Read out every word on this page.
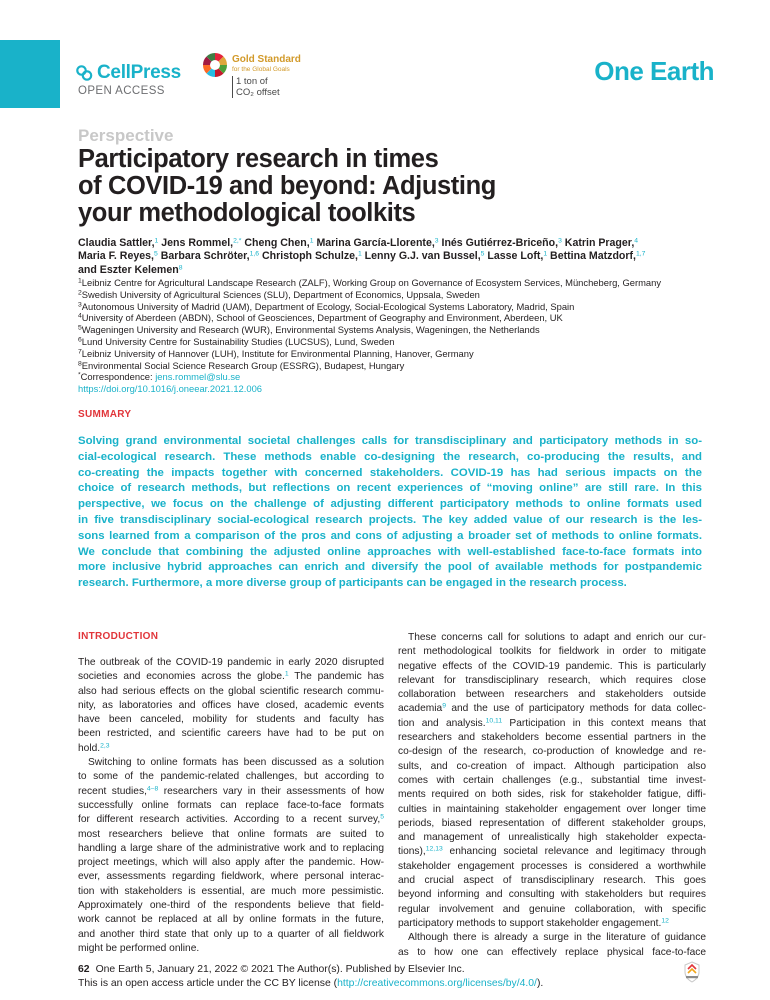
CellPress
OPEN ACCESS
Gold Standard
for the Global Goals
1 ton of
CO₂ offset
One Earth
Perspective
Participatory research in times
of COVID-19 and beyond: Adjusting
your methodological toolkits
Claudia Sattler,$^1$ Jens Rommel,$^{2,*}$ Cheng Chen,$^1$ Marina García-Llorente,$^3$ Inés Gutiérrez-Briceño,$^3$ Katrin Prager,$^4$
Maria F. Reyes,$^5$ Barbara Schröter,$^{1,6}$ Christoph Schulze,$^1$ Lenny G.J. van Bussel,$^5$ Lasse Loft,$^1$ Bettina Matzdorf,$^{1,7}$
and Eszter Kelemen$^8$
$^1$Leibniz Centre for Agricultural Landscape Research (ZALF), Working Group on Governance of Ecosystem Services, Müncheberg, Germany
$^2$Swedish University of Agricultural Sciences (SLU), Department of Economics, Uppsala, Sweden
$^3$Autonomous University of Madrid (UAM), Department of Ecology, Social-Ecological Systems Laboratory, Madrid, Spain
$^4$University of Aberdeen (ABDN), School of Geosciences, Department of Geography and Environment, Aberdeen, UK
$^5$Wageningen University and Research (WUR), Environmental Systems Analysis, Wageningen, the Netherlands
$^6$Lund University Centre for Sustainability Studies (LUCSUS), Lund, Sweden
$^7$Leibniz University of Hannover (LUH), Institute for Environmental Planning, Hanover, Germany
$^8$Environmental Social Science Research Group (ESSRG), Budapest, Hungary
*Correspondence: jens.rommel@slu.se
https://doi.org/10.1016/j.oneear.2021.12.006
SUMMARY
Solving grand environmental societal challenges calls for transdisciplinary and participatory methods in so-
cial-ecological research. These methods enable co-designing the research, co-producing the results, and
co-creating the impacts together with concerned stakeholders. COVID-19 has had serious impacts on the
choice of research methods, but reflections on recent experiences of “moving online” are still rare. In this
perspective, we focus on the challenge of adjusting different participatory methods to online formats used
in five transdisciplinary social-ecological research projects. The key added value of our research is the les-
sons learned from a comparison of the pros and cons of adjusting a broader set of methods to online formats.
We conclude that combining the adjusted online approaches with well-established face-to-face formats into
more inclusive hybrid approaches can enrich and diversify the pool of available methods for postpandemic
research. Furthermore, a more diverse group of participants can be engaged in the research process.
INTRODUCTION
The outbreak of the COVID-19 pandemic in early 2020 disrupted
societies and economies across the globe.$^1$ The pandemic has
also had serious effects on the global scientific research commu-
nity, as laboratories and offices have closed, academic events
have been canceled, mobility for students and faculty has
been restricted, and scientific careers have had to be put on
hold.$^{2,3}$
Switching to online formats has been discussed as a solution
to some of the pandemic-related challenges, but according to
recent studies,$^{4-8}$ researchers vary in their assessments of how
successfully online formats can replace face-to-face formats
for different research activities. According to a recent survey,$^5$
most researchers believe that online formats are suited to
handling a large share of the administrative work and to replacing
project meetings, which will also apply after the pandemic. How-
ever, assessments regarding fieldwork, where personal interac-
tion with stakeholders is essential, are much more pessimistic.
Approximately one-third of the respondents believe that field-
work cannot be replaced at all by online formats in the future,
and another third state that only up to a quarter of all fieldwork
might be performed online.
These concerns call for solutions to adapt and enrich our cur-
rent methodological toolkits for fieldwork in order to mitigate
negative effects of the COVID-19 pandemic. This is particularly
relevant for transdisciplinary research, which requires close
collaboration between researchers and stakeholders outside
academia$^9$ and the use of participatory methods for data collec-
tion and analysis.$^{10,11}$ Participation in this context means that
researchers and stakeholders become essential partners in the
co-design of the research, co-production of knowledge and re-
sults, and co-creation of impact. Although participation also
comes with certain challenges (e.g., substantial time invest-
ments required on both sides, risk for stakeholder fatigue, diffi-
culties in maintaining stakeholder engagement over longer time
periods, biased representation of different stakeholder groups,
and management of unrealistically high stakeholder expecta-
tions),$^{12,13}$ enhancing societal relevance and legitimacy through
stakeholder engagement processes is considered a worthwhile
and crucial aspect of transdisciplinary research. This goes
beyond informing and consulting with stakeholders but requires
regular involvement and genuine collaboration, with specific
participatory methods to support stakeholder engagement.$^{12}$
Although there is already a surge in the literature of guidance
as to how one can effectively replace physical face-to-face
62 One Earth 5, January 21, 2022 © 2021 The Author(s). Published by Elsevier Inc.
This is an open access article under the CC BY license (http://creativecommons.org/licenses/by/4.0/).
